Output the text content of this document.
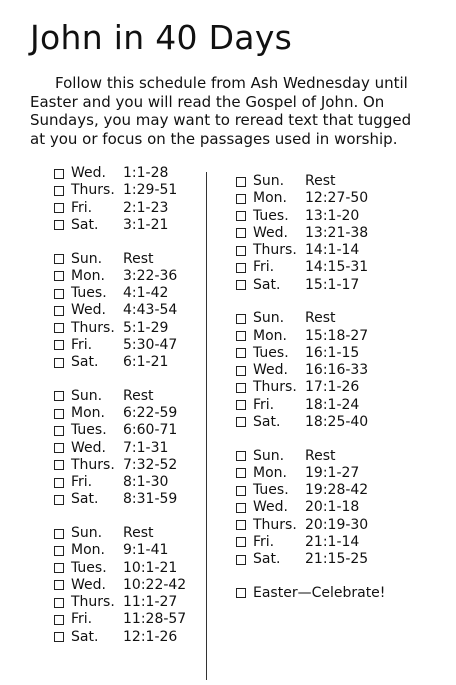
John in 40 Days

Follow this schedule from Ash Wednesday until
Easter and you will read the Gospel of John. On
Sundays, you may want to reread text that tugged
at you or focus on the passages used in worship.

Wed.	1:1-28
Thurs. 1:29-51
Fri.	2:1-23
Sat.	3:1-21
Sun.	Rest
Mon.	3:22-36
Tues.	4:1-42
Wed.	4:43-54
Thurs. 5:1-29
Fri.	5:30-47
Sat.	6:1-21
Sun.	Rest
Mon.	6:22-59
Tues.	6:60-71
Wed.	7:1-31
Thurs. 7:32-52
Fri.	8:1-30
Sat.	8:31-59
Sun.	Rest
Mon.	9:1-41
Tues.	10:1-21
Wed.	10:22-42
Thurs. 11:1-27
Fri.	11:28-57
Sat.	12:1-26
Sun.	Rest
Mon.	12:27-50
Tues.	13:1-20
Wed.	13:21-38
Thurs. 14:1-14
Fri.	14:15-31
Sat.	15:1-17
Sun.	Rest
Mon.	15:18-27
Tues.	16:1-15
Wed.	16:16-33
Thurs. 17:1-26
Fri.	18:1-24
Sat.	18:25-40
Sun.	Rest
Mon.	19:1-27
Tues.	19:28-42
Wed.	20:1-18
Thurs. 20:19-30
Fri.	21:1-14
Sat.	21:15-25
Easter—Celebrate!
